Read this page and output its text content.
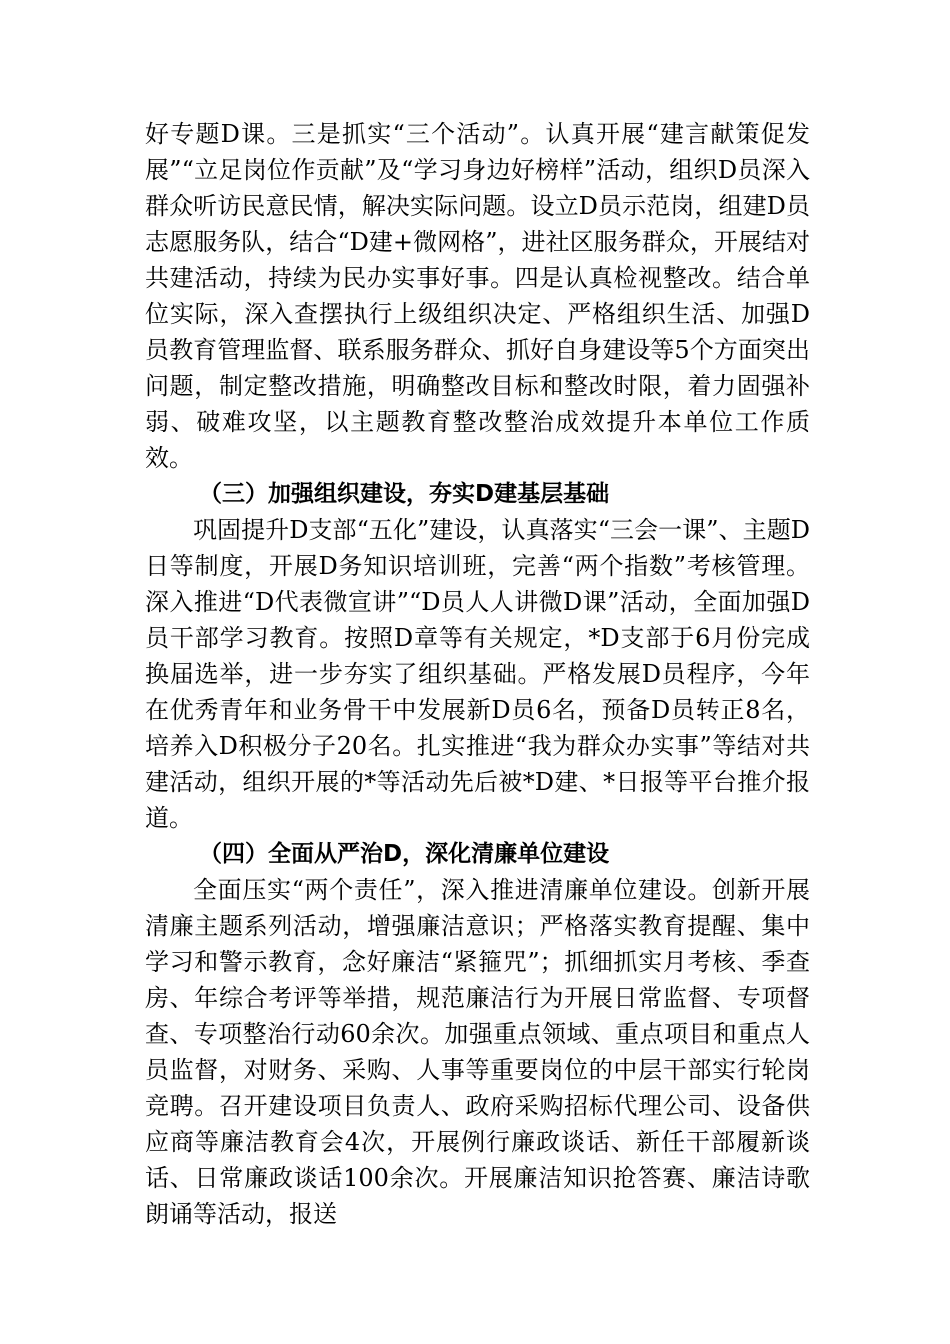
好专题D课。三是抓实“三个活动”。认真开展“建言献策促发展”“立足岗位作贡献”及“学习身边好榜样”活动，组织D员深入群众听访民意民情，解决实际问题。设立D员示范岗，组建D员志愿服务队，结合“D建+微网格”，进社区服务群众，开展结对共建活动，持续为民办实事好事。四是认真检视整改。结合单位实际，深入查摆执行上级组织决定、严格组织生活、加强D员教育管理监督、联系服务群众、抓好自身建设等5个方面突出问题，制定整改措施，明确整改目标和整改时限，着力固强补弱、破难攻坚，以主题教育整改整治成效提升本单位工作质效。

（三）加强组织建设，夯实D建基层基础

巩固提升D支部“五化”建设，认真落实“三会一课”、主题D日等制度，开展D务知识培训班，完善“两个指数”考核管理。深入推进“D代表微宣讲”“D员人人讲微D课”活动，全面加强D员干部学习教育。按照D章等有关规定，*D支部于6月份完成换届选举，进一步夯实了组织基础。严格发展D员程序，今年在优秀青年和业务骨干中发展新D员6名，预备D员转正8名，培养入D积极分子20名。扎实推进“我为群众办实事”等结对共建活动，组织开展的*等活动先后被*D建、*日报等平台推介报道。

（四）全面从严治D，深化清廉单位建设

全面压实“两个责任”，深入推进清廉单位建设。创新开展清廉主题系列活动，增强廉洁意识；严格落实教育提醒、集中学习和警示教育，念好廉洁“紧箍咒”；抓细抓实月考核、季查房、年综合考评等举措，规范廉洁行为开展日常监督、专项督查、专项整治行动60余次。加强重点领域、重点项目和重点人员监督，对财务、采购、人事等重要岗位的中层干部实行轮岗竞聘。召开建设项目负责人、政府采购招标代理公司、设备供应商等廉洁教育会4次，开展例行廉政谈话、新任干部履新谈话、日常廉政谈话100余次。开展廉洁知识抢答赛、廉洁诗歌朗诵等活动，报送
